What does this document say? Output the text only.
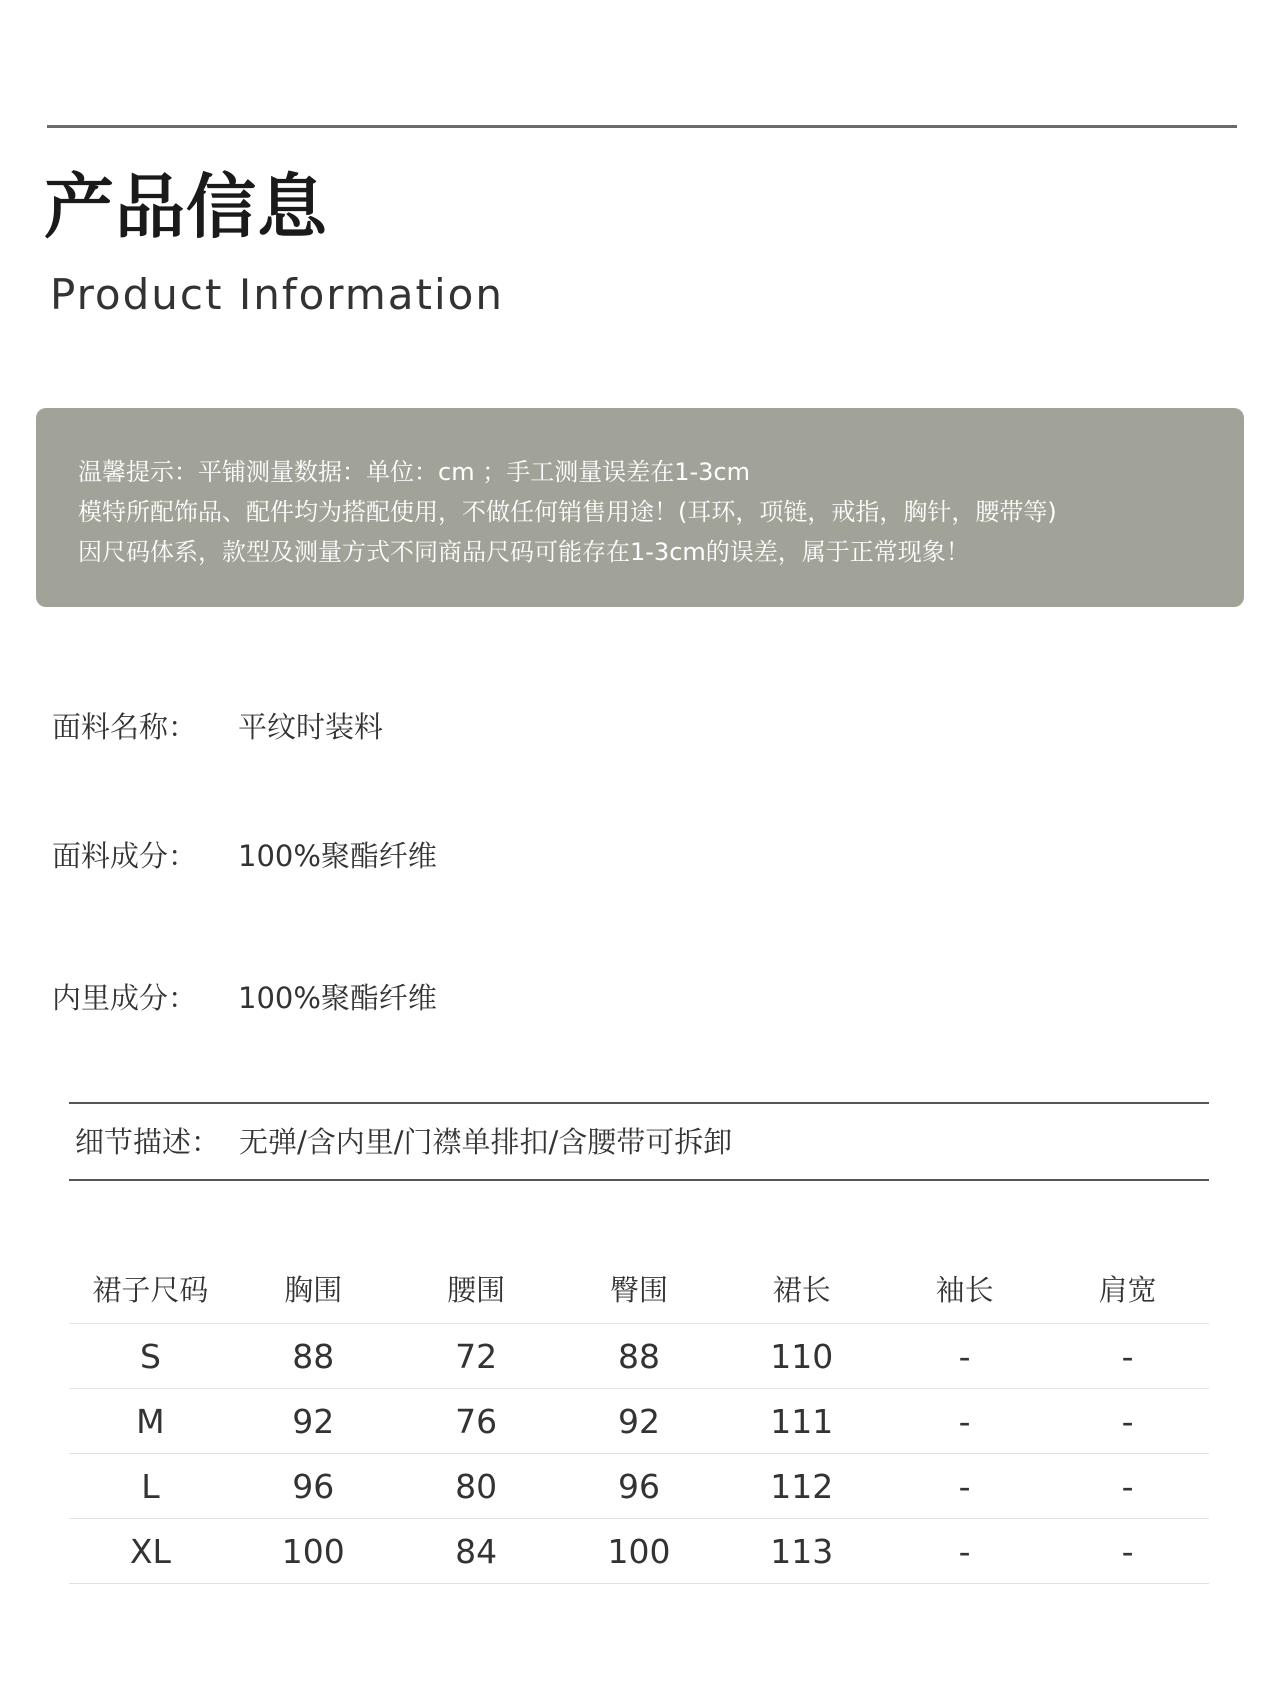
产品信息
Product Information
温馨提示：平铺测量数据：单位：cm ；手工测量误差在1-3cm
模特所配饰品、配件均为搭配使用，不做任何销售用途！(耳环，项链，戒指，胸针，腰带等)
因尺码体系，款型及测量方式不同商品尺码可能存在1-3cm的误差，属于正常现象！
面料名称： 平纹时装料
面料成分： 100%聚酯纤维
内里成分： 100%聚酯纤维
细节描述： 无弹/含内里/门襟单排扣/含腰带可拆卸
裙子尺码	胸围	腰围	臀围	裙长	袖长	肩宽
S	88	72	88	110	-	-
M	92	76	92	111	-	-
L	96	80	96	112	-	-
XL	100	84	100	113	-	-
